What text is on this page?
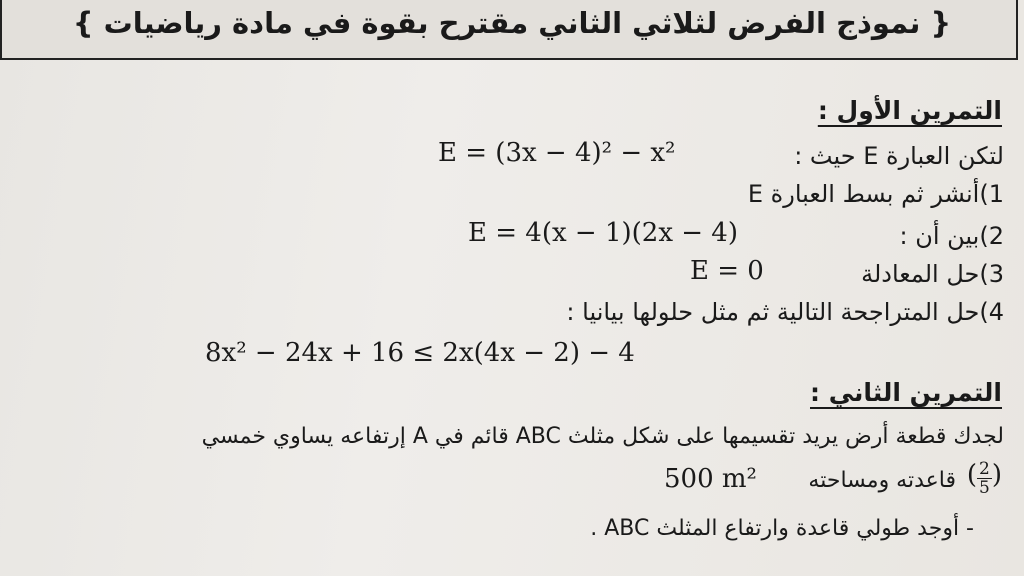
{ نموذج الفرض لثلاثي الثاني مقترح بقوة في مادة رياضيات }
التمرين الأول :
لتكن العبارة E حيث :
E = (3x − 4)² − x²
1)أنشر ثم بسط العبارة E
2)بين أن :
E = 4(x − 1)(2x − 4)
3)حل المعادلة
E = 0
4)حل المتراجحة التالية ثم مثل حلولها بيانيا :
8x² − 24x + 16 ≤ 2x(4x − 2) − 4
التمرين الثاني :
لجدك قطعة أرض يريد تقسيمها على شكل مثلث ABC قائم في A إرتفاعه يساوي خمسي
( $\frac{2}{5}$ )
قاعدته ومساحته
500 m²
- أوجد طولي قاعدة وارتفاع المثلث ABC .
